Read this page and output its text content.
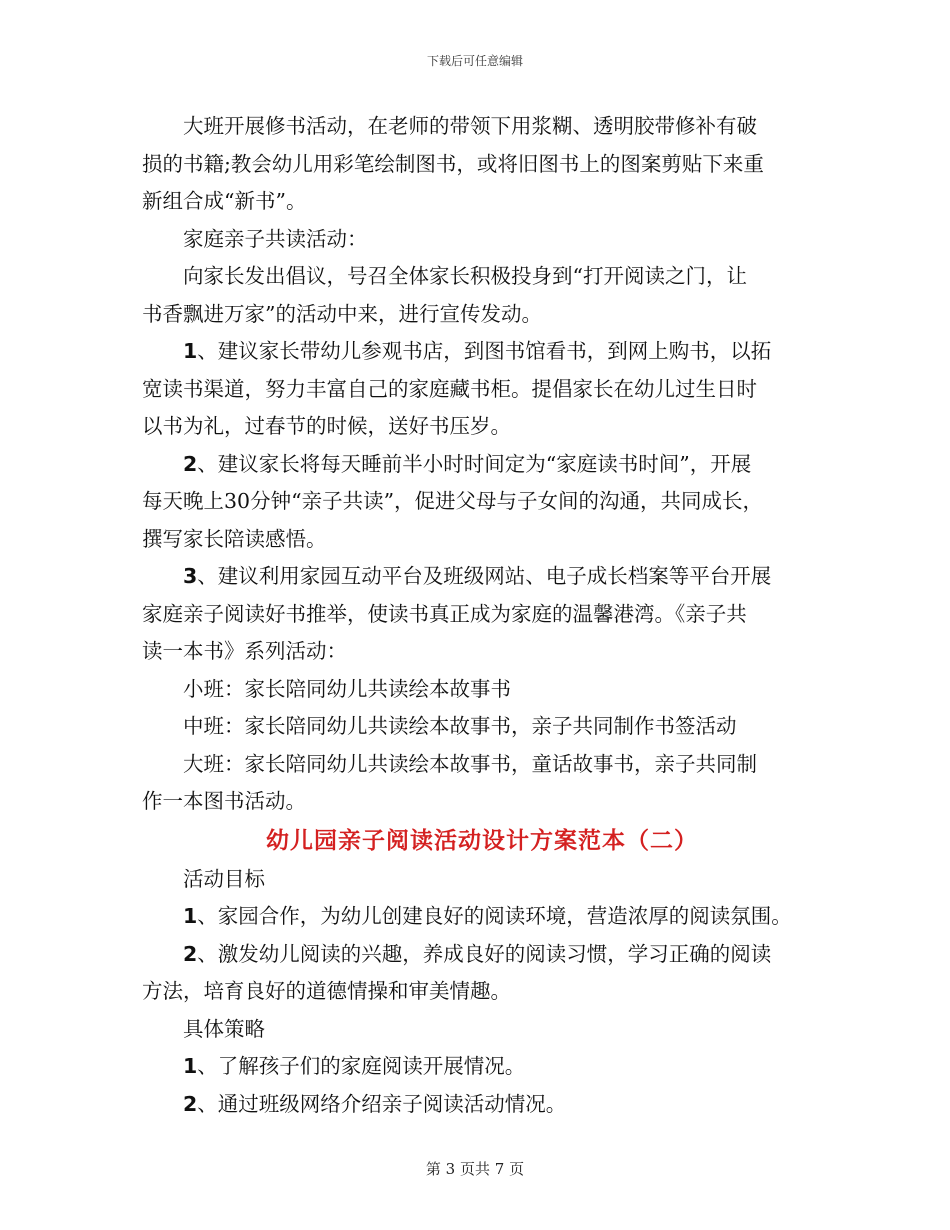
下载后可任意编辑

大班开展修书活动，在老师的带领下用浆糊、透明胶带修补有破

损的书籍;教会幼儿用彩笔绘制图书，或将旧图书上的图案剪贴下来重

新组合成“新书”。

家庭亲子共读活动：

向家长发出倡议，号召全体家长积极投身到“打开阅读之门，让

书香飘进万家”的活动中来，进行宣传发动。

1、建议家长带幼儿参观书店，到图书馆看书，到网上购书，以拓

宽读书渠道，努力丰富自己的家庭藏书柜。提倡家长在幼儿过生日时

以书为礼，过春节的时候，送好书压岁。

2、建议家长将每天睡前半小时时间定为“家庭读书时间”，开展

每天晚上30分钟“亲子共读”，促进父母与子女间的沟通，共同成长，

撰写家长陪读感悟。

3、建议利用家园互动平台及班级网站、电子成长档案等平台开展

家庭亲子阅读好书推举，使读书真正成为家庭的温馨港湾。《亲子共

读一本书》系列活动：

小班：家长陪同幼儿共读绘本故事书

中班：家长陪同幼儿共读绘本故事书，亲子共同制作书签活动

大班：家长陪同幼儿共读绘本故事书，童话故事书，亲子共同制

作一本图书活动。

幼儿园亲子阅读活动设计方案范本（二）

活动目标

1、家园合作，为幼儿创建良好的阅读环境，营造浓厚的阅读氛围。

2、激发幼儿阅读的兴趣，养成良好的阅读习惯，学习正确的阅读

方法，培育良好的道德情操和审美情趣。

具体策略

1、了解孩子们的家庭阅读开展情况。

2、通过班级网络介绍亲子阅读活动情况。

第 3 页共 7 页
